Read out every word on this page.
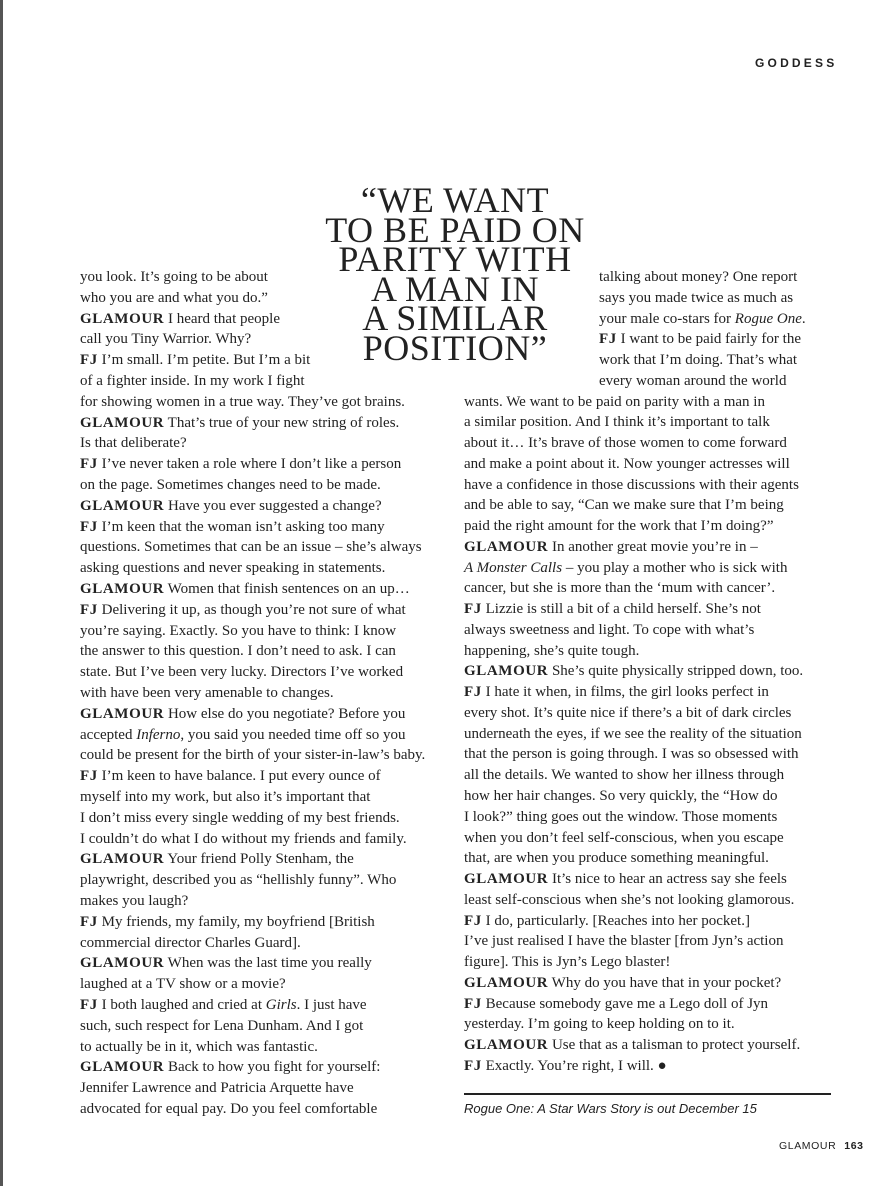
GODDESS
“WE WANT
TO BE PAID ON
PARITY WITH
A MAN IN
A SIMILAR
POSITION”
you look. It’s going to be about
who you are and what you do.”
GLAMOUR I heard that people
call you Tiny Warrior. Why?
FJ I’m small. I’m petite. But I’m a bit
of a fighter inside. In my work I fight
for showing women in a true way. They’ve got brains.
GLAMOUR That’s true of your new string of roles.
Is that deliberate?
FJ I’ve never taken a role where I don’t like a person
on the page. Sometimes changes need to be made.
GLAMOUR Have you ever suggested a change?
FJ I’m keen that the woman isn’t asking too many
questions. Sometimes that can be an issue – she’s always
asking questions and never speaking in statements.
GLAMOUR Women that finish sentences on an up…
FJ Delivering it up, as though you’re not sure of what
you’re saying. Exactly. So you have to think: I know
the answer to this question. I don’t need to ask. I can
state. But I’ve been very lucky. Directors I’ve worked
with have been very amenable to changes.
GLAMOUR How else do you negotiate? Before you
accepted Inferno, you said you needed time off so you
could be present for the birth of your sister-in-law’s baby.
FJ I’m keen to have balance. I put every ounce of
myself into my work, but also it’s important that
I don’t miss every single wedding of my best friends.
I couldn’t do what I do without my friends and family.
GLAMOUR Your friend Polly Stenham, the
playwright, described you as “hellishly funny”. Who
makes you laugh?
FJ My friends, my family, my boyfriend [British
commercial director Charles Guard].
GLAMOUR When was the last time you really
laughed at a TV show or a movie?
FJ I both laughed and cried at Girls. I just have
such, such respect for Lena Dunham. And I got
to actually be in it, which was fantastic.
GLAMOUR Back to how you fight for yourself:
Jennifer Lawrence and Patricia Arquette have
advocated for equal pay. Do you feel comfortable
talking about money? One report
says you made twice as much as
your male co-stars for Rogue One.
FJ I want to be paid fairly for the
work that I’m doing. That’s what
every woman around the world
wants. We want to be paid on parity with a man in
a similar position. And I think it’s important to talk
about it… It’s brave of those women to come forward
and make a point about it. Now younger actresses will
have a confidence in those discussions with their agents
and be able to say, “Can we make sure that I’m being
paid the right amount for the work that I’m doing?”
GLAMOUR In another great movie you’re in –
A Monster Calls – you play a mother who is sick with
cancer, but she is more than the ‘mum with cancer’.
FJ Lizzie is still a bit of a child herself. She’s not
always sweetness and light. To cope with what’s
happening, she’s quite tough.
GLAMOUR She’s quite physically stripped down, too.
FJ I hate it when, in films, the girl looks perfect in
every shot. It’s quite nice if there’s a bit of dark circles
underneath the eyes, if we see the reality of the situation
that the person is going through. I was so obsessed with
all the details. We wanted to show her illness through
how her hair changes. So very quickly, the “How do
I look?” thing goes out the window. Those moments
when you don’t feel self-conscious, when you escape
that, are when you produce something meaningful.
GLAMOUR It’s nice to hear an actress say she feels
least self-conscious when she’s not looking glamorous.
FJ I do, particularly. [Reaches into her pocket.]
I’ve just realised I have the blaster [from Jyn’s action
figure]. This is Jyn’s Lego blaster!
GLAMOUR Why do you have that in your pocket?
FJ Because somebody gave me a Lego doll of Jyn
yesterday. I’m going to keep holding on to it.
GLAMOUR Use that as a talisman to protect yourself.
FJ Exactly. You’re right, I will. ●
Rogue One: A Star Wars Story is out December 15
GLAMOUR 163
